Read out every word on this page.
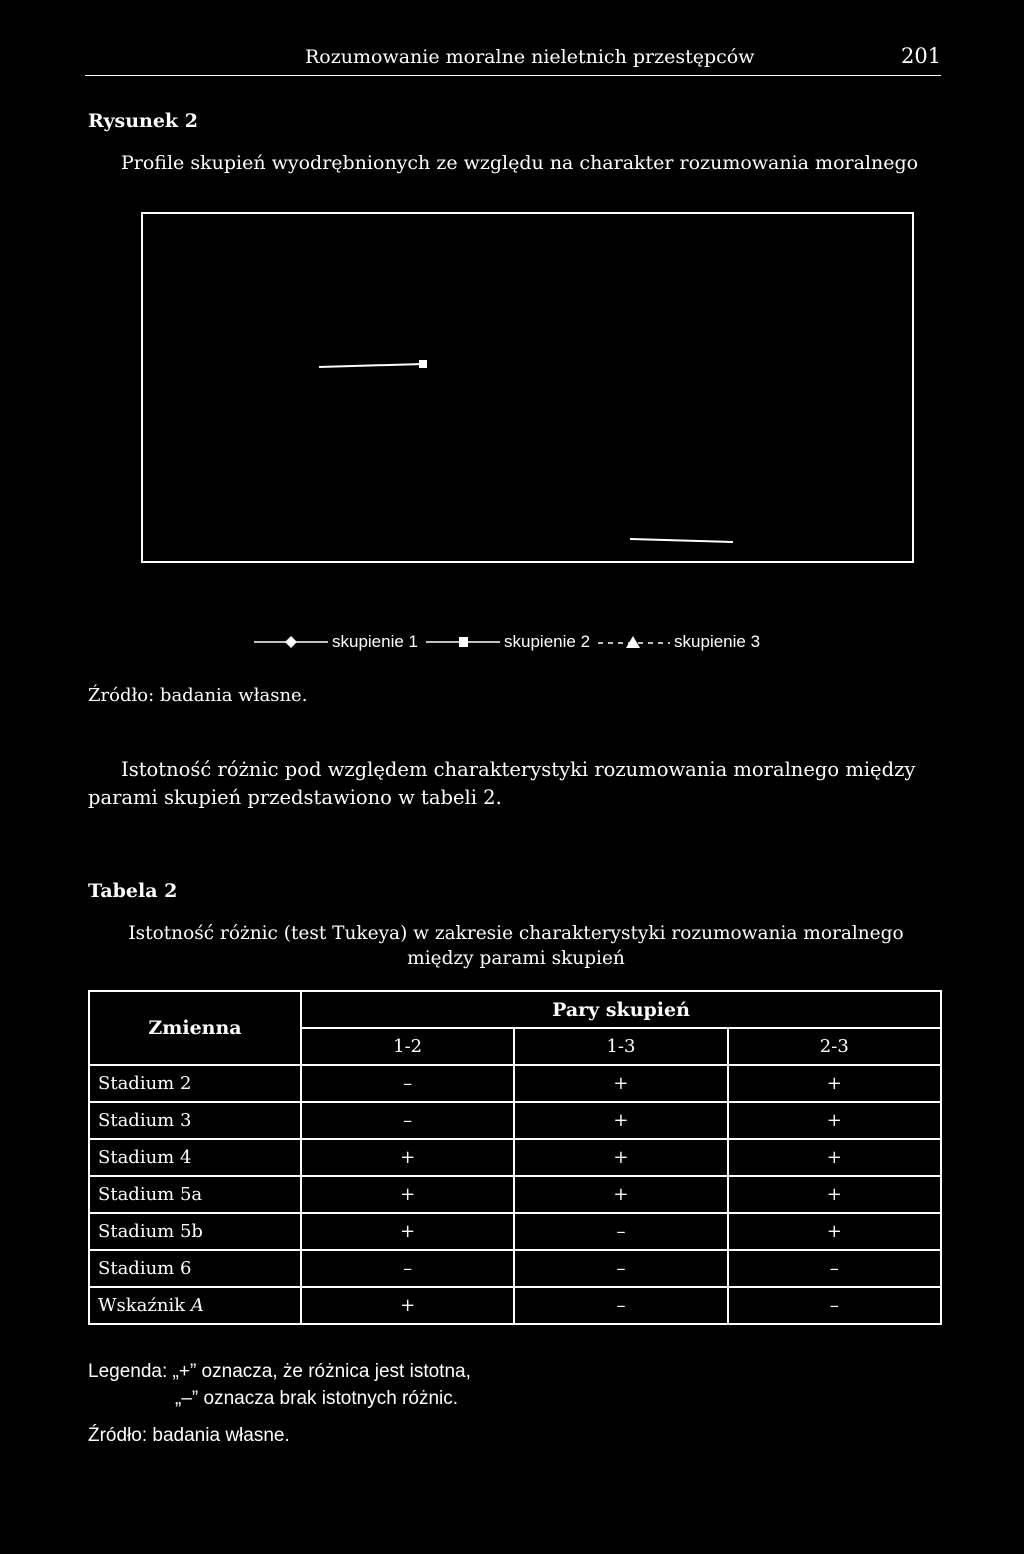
Rozumowanie moralne nieletnich przestępców	201
Rysunek 2
Profile skupień wyodrębnionych ze względu na charakter rozumowania moralnego
skupienie 1	skupienie 2	skupienie 3
Źródło: badania własne.
Istotność różnic pod względem charakterystyki rozumowania moralnego między parami skupień przedstawiono w tabeli 2.
Tabela 2
Istotność różnic (test Tukeya) w zakresie charakterystyki rozumowania moralnego
między parami skupień
Zmienna	Pary skupień		
	1-2	1-3	2-3
Stadium 2	–	+	+
Stadium 3	–	+	+
Stadium 4	+	+	+
Stadium 5a	+	+	+
Stadium 5b	+	–	+
Stadium 6	–	–	–
Wskaźnik A	+	–	–
Legenda: „+” oznacza, że różnica jest istotna,
„–” oznacza brak istotnych różnic.
Źródło: badania własne.
